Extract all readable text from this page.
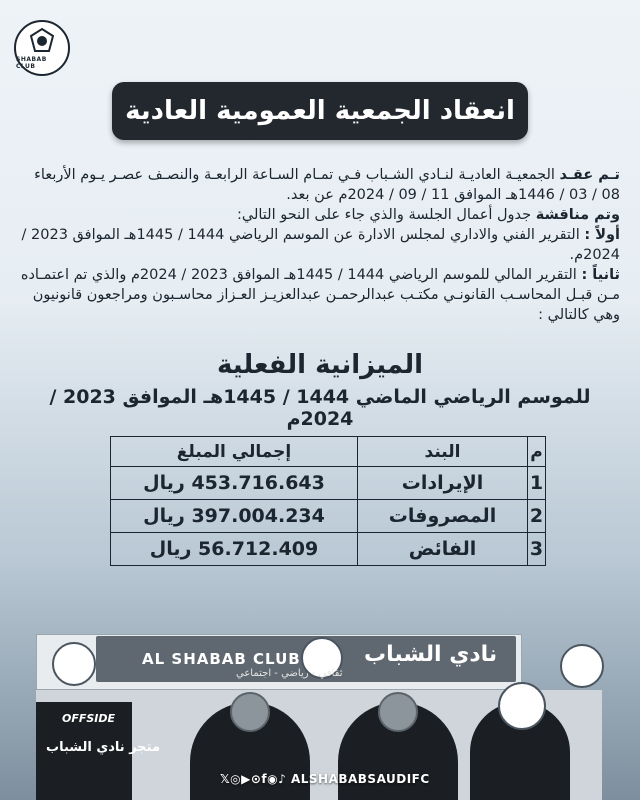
SHABAB CLUB
انعقاد الجمعية العمومية العادية

تـم عقـد الجمعيـة العاديـة لنـادي الشـباب فـي تمـام السـاعة الرابعـة والنصـف عصـر يـوم الأربعاء 08 / 03 / 1446هـ الموافق 11 / 09 / 2024م عن بعد.

وتم مناقشة جدول أعمال الجلسة والذي جاء على النحو التالي:

أولاً : التقرير الفني والاداري لمجلس الادارة عن الموسم الرياضي 1444 / 1445هـ الموافق 2023 / 2024م.

ثانياً : التقرير المالي للموسم الرياضي 1444 / 1445هـ الموافق 2023 / 2024م والذي تم اعتمـاده مـن قبـل المحاسـب القانونـي مكتـب عبدالرحمـن عبدالعزيـز العـزاز محاسـبون ومراجعون قانونيون وهي كالتالي :

الميزانية الفعلية
للموسم الرياضي الماضي 1444 / 1445هـ الموافق 2023 / 2024م
م	البند	إجمالي المبلغ
1	الإيرادات	453.716.643 ريال
2	المصروفات	397.004.234 ريال
3	الفائض	56.712.409 ريال
AL SHABAB CLUB	نادي الشباب
ثقافي - رياضي - اجتماعي
OFFSIDE
متجر نادي الشباب
𝕏◎▶⊙f◉♪ ALSHABABSAUDIFC
